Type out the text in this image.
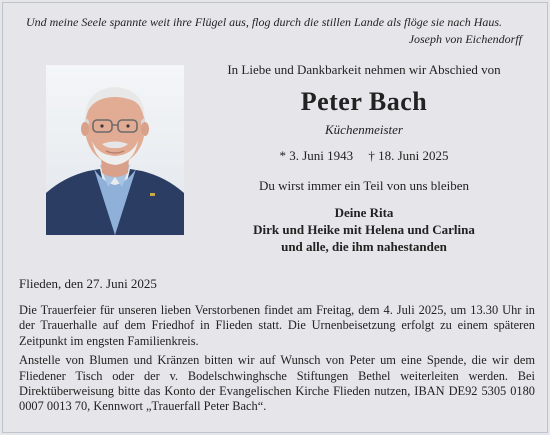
Und meine Seele spannte weit ihre Flügel aus, flog durch die stillen Lande als flöge sie nach Haus.
Joseph von Eichendorff
In Liebe und Dankbarkeit nehmen wir Abschied von
Peter Bach
Küchenmeister
* 3. Juni 1943 † 18. Juni 2025
Du wirst immer ein Teil von uns bleiben
Deine Rita
Dirk und Heike mit Helena und Carlina
und alle, die ihm nahestanden
Flieden, den 27. Juni 2025

Die Trauerfeier für unseren lieben Verstorbenen findet am Freitag, dem 4. Juli 2025, um 13.30 Uhr in der Trauerhalle auf dem Friedhof in Flieden statt. Die Urnenbeisetzung erfolgt zu einem späteren Zeitpunkt im engsten Familienkreis.

Anstelle von Blumen und Kränzen bitten wir auf Wunsch von Peter um eine Spende, die wir dem Fliedener Tisch oder der v. Bodelschwinghsche Stiftungen Bethel weiterleiten werden. Bei Direktüberweisung bitte das Konto der Evangelischen Kirche Flieden nutzen, IBAN DE92 5305 0180 0007 0013 70, Kennwort „Trauerfall Peter Bach“.
